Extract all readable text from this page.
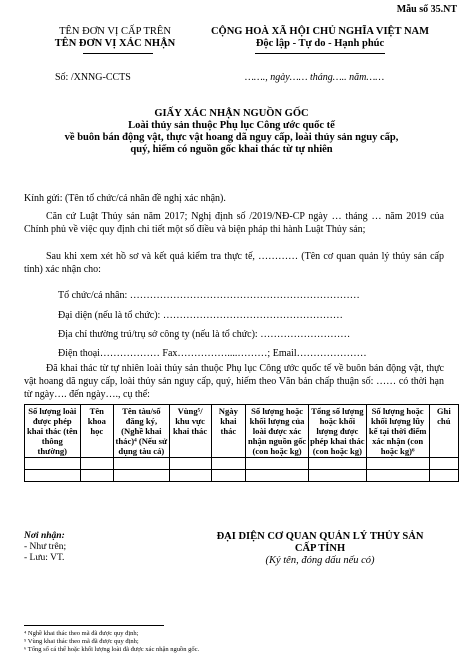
Mẫu số 35.NT
TÊN ĐƠN VỊ CẤP TRÊN
TÊN ĐƠN VỊ XÁC NHẬN
CỘNG HOÀ XÃ HỘI CHỦ NGHĨA VIỆT NAM
Độc lập - Tự do - Hạnh phúc
Số: /XNNG-CCTS	……., ngày…… tháng….. năm……
GIẤY XÁC NHẬN NGUỒN GỐC
Loài thủy sản thuộc Phụ lục Công ước quốc tế
về buôn bán động vật, thực vật hoang dã nguy cấp, loài thủy sản nguy cấp,
quý, hiếm có nguồn gốc khai thác từ tự nhiên
Kính gửi: (Tên tổ chức/cá nhân đề nghị xác nhận).
Căn cứ Luật Thủy sản năm 2017; Nghị định số /2019/NĐ-CP ngày … tháng … năm 2019 của Chính phủ về việc quy định chi tiết một số điều và biện pháp thi hành Luật Thủy sản;
Sau khi xem xét hồ sơ và kết quả kiểm tra thực tế, ………… (Tên cơ quan quản lý thủy sản cấp tỉnh) xác nhận cho:
Tổ chức/cá nhân: ……………………………………………………………
Đại diện (nếu là tổ chức): ………………………………………………
Địa chỉ thường trú/trụ sở công ty (nếu là tổ chức): ………………………
Điện thoại……………… Fax……………....………; Email…………………
Đã khai thác từ tự nhiên loài thủy sản thuộc Phụ lục Công ước quốc tế về buôn bán động vật, thực vật hoang dã nguy cấp, loài thủy sản nguy cấp, quý, hiếm theo Văn bản chấp thuận số: …… có thời hạn từ ngày…. đến ngày…., cụ thể:
Số lượng loài được phép khai thác (tên thông thường)	Tên khoa học	Tên tàu/số đăng ký, (Nghề khai thác)⁴ (Nếu sử dụng tàu cá)	Vùng⁵/ khu vực khai thác	Ngày khai thác	Số lượng hoặc khối lượng của loài được xác nhận nguồn gốc (con hoặc kg)	Tổng số lượng hoặc khối lượng được phép khai thác (con hoặc kg)	Số lượng hoặc khối lượng lũy kế tại thời điểm xác nhận (con hoặc kg)⁶	Ghi chú

Nơi nhận:
- Như trên;
- Lưu: VT.
ĐẠI DIỆN CƠ QUAN QUẢN LÝ THỦY SẢN
CẤP TỈNH
(Ký tên, đóng dấu nếu có)
⁴ Nghề khai thác theo mã đã được quy định;
⁵ Vùng khai thác theo mã đã được quy định;
⁶ Tổng số cá thể hoặc khối lượng loài đã được xác nhận nguồn gốc.
